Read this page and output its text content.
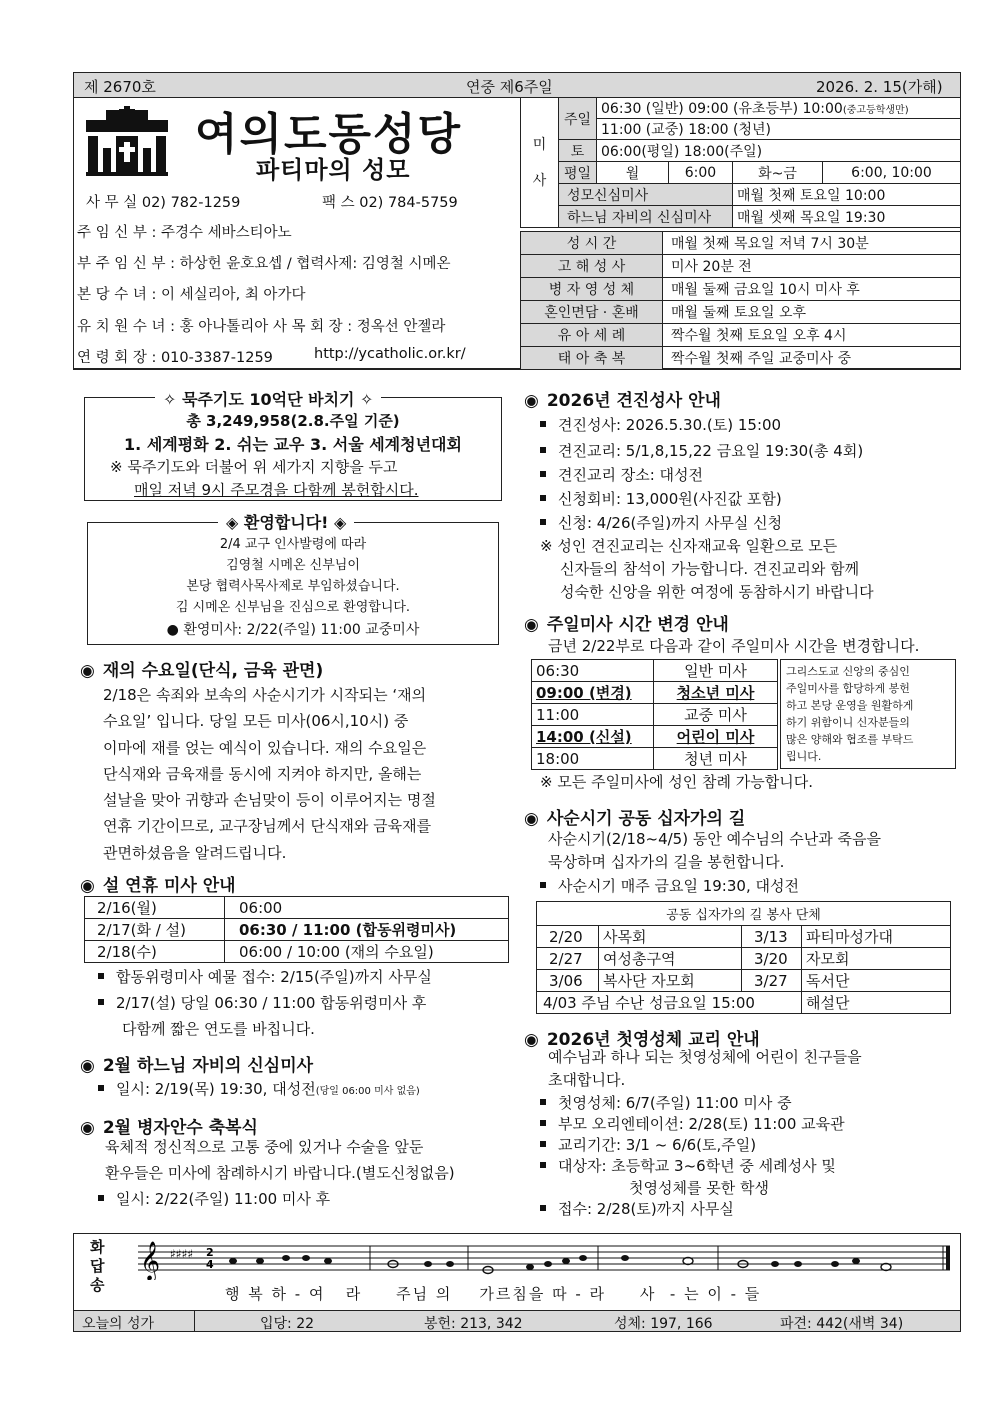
제 2670호	연중 제6주일	2026. 2. 15(가해)
여의도동성당
파티마의 성모
사 무 실 02) 782-1259	팩 스 02) 784-5759
주 임 신 부 : 주경수 세바스티아노
부 주 임 신 부 : 하상헌 윤호요셉 / 협력사제: 김영철 시메온
본 당 수 녀 : 이 세실리아, 최 아가다
유 치 원 수 녀 : 홍 아나톨리아 사 목 회 장 : 정옥선 안젤라
연 령 회 장 : 010-3387-1259	http://ycatholic.or.kr/
미

사	주일	06:30 (일반) 09:00 (유초등부) 10:00(중고등학생만)			
		11:00 (교중) 18:00 (청년)			
	토	06:00(평일) 18:00(주일)			
	평일	월	6:00	화~금	6:00, 10:00
	성모신심미사			매월 첫째 토요일 10:00	
	하느님 자비의 신심미사			매월 셋째 목요일 19:30	
성 시 간	매월 첫째 목요일 저녁 7시 30분
고 해 성 사	미사 20분 전
병 자 영 성 체	매월 둘째 금요일 10시 미사 후
혼인면담 · 혼배	매월 둘째 토요일 오후
유 아 세 례	짝수월 첫째 토요일 오후 4시
태 아 축 복	짝수월 첫째 주일 교중미사 중
✧ 묵주기도 10억단 바치기 ✧
총 3,249,958(2.8.주일 기준)
1. 세계평화 2. 쉬는 교우 3. 서울 세계청년대회
※ 묵주기도와 더불어 위 세가지 지향을 두고
매일 저녁 9시 주모경을 다함께 봉헌합시다.
◈ 환영합니다! ◈
2/4 교구 인사발령에 따라
김영철 시메온 신부님이
본당 협력사목사제로 부임하셨습니다.
김 시메온 신부님을 진심으로 환영합니다.
● 환영미사: 2/22(주일) 11:00 교중미사
◉ 재의 수요일(단식, 금육 관면)
2/18은 속죄와 보속의 사순시기가 시작되는 ‘재의
수요일’ 입니다. 당일 모든 미사(06시,10시) 중
이마에 재를 얹는 예식이 있습니다. 재의 수요일은
단식재와 금육재를 동시에 지켜야 하지만, 올해는
설날을 맞아 귀향과 손님맞이 등이 이루어지는 명절
연휴 기간이므로, 교구장님께서 단식재와 금육재를
관면하셨음을 알려드립니다.
◉ 설 연휴 미사 안내
2/16(월)	06:00
2/17(화 / 설)	06:30 / 11:00 (합동위령미사)
2/18(수)	06:00 / 10:00 (재의 수요일)
합동위령미사 예물 접수: 2/15(주일)까지 사무실
2/17(설) 당일 06:30 / 11:00 합동위령미사 후
다함께 짧은 연도를 바칩니다.
◉ 2월 하느님 자비의 신심미사
일시: 2/19(목) 19:30, 대성전(당일 06:00 미사 없음)
◉ 2월 병자안수 축복식
육체적 정신적으로 고통 중에 있거나 수술을 앞둔
환우들은 미사에 참례하시기 바랍니다.(별도신청없음)
일시: 2/22(주일) 11:00 미사 후
◉ 2026년 견진성사 안내
견진성사: 2026.5.30.(토) 15:00
견진교리: 5/1,8,15,22 금요일 19:30(총 4회)
견진교리 장소: 대성전
신청회비: 13,000원(사진값 포함)
신청: 4/26(주일)까지 사무실 신청
※ 성인 견진교리는 신자재교육 일환으로 모든
신자들의 참석이 가능합니다. 견진교리와 함께
성숙한 신앙을 위한 여정에 동참하시기 바랍니다
◉ 주일미사 시간 변경 안내
금년 2/22부로 다음과 같이 주일미사 시간을 변경합니다.
06:30	일반 미사
09:00 (변경)	청소년 미사
11:00	교중 미사
14:00 (신설)	어린이 미사
18:00	청년 미사
그리스도교 신앙의 중심인
주일미사를 합당하게 봉헌
하고 본당 운영을 원활하게
하기 위함이니 신자분들의
많은 양해와 협조를 부탁드
립니다.
※ 모든 주일미사에 성인 참례 가능합니다.
◉ 사순시기 공동 십자가의 길
사순시기(2/18~4/5) 동안 예수님의 수난과 죽음을
묵상하며 십자가의 길을 봉헌합니다.
사순시기 매주 금요일 19:30, 대성전
공동 십자가의 길 봉사 단체			
2/20	사목회	3/13	파티마성가대
2/27	여성총구역	3/20	자모회
3/06	복사단 자모회	3/27	독서단
4/03 주님 수난 성금요일 15:00			해설단
◉ 2026년 첫영성체 교리 안내
예수님과 하나 되는 첫영성체에 어린이 친구들을
초대합니다.
첫영성체: 6/7(주일) 11:00 미사 중
부모 오리엔테이션: 2/28(토) 11:00 교육관
교리기간: 3/1 ~ 6/6(토,주일)
대상자: 초등학교 3~6학년 중 세례성사 및
첫영성체를 못한 학생
접수: 2/28(토)까지 사무실
화
답
송
𝄞 ♯♯♯♯ 2
4
행 복 하 - 여   라     주님 의    가르침을 따 - 라     사  - 는 이 - 들
오늘의 성가	입당: 22	봉헌: 213, 342	성체: 197, 166	파견: 442(새벽 34)
